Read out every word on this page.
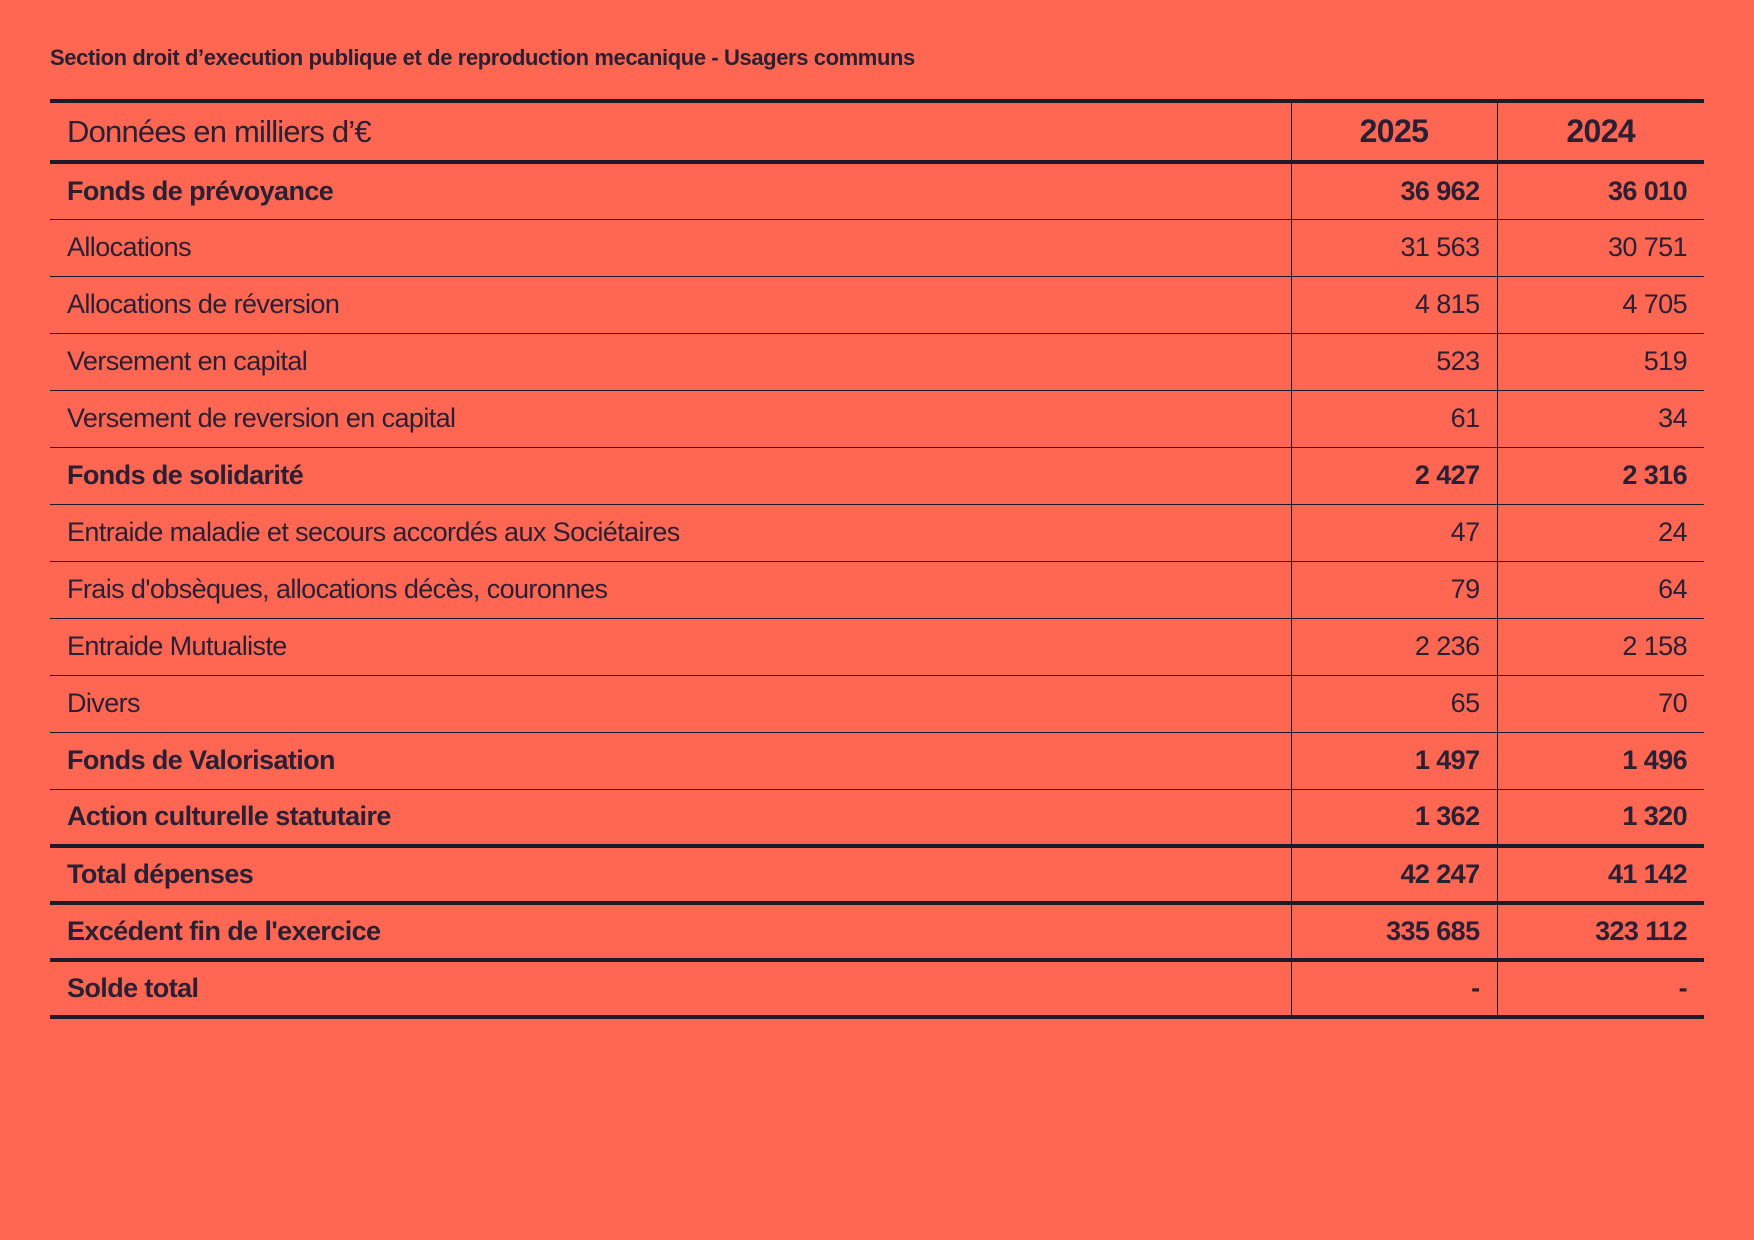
Section droit d’execution publique et de reproduction mecanique - Usagers communs
Données en milliers d’€	2025	2024
Fonds de prévoyance	36 962	36 010
Allocations	31 563	30 751
Allocations de réversion	4 815	4 705
Versement en capital	523	519
Versement de reversion en capital	61	34
Fonds de solidarité	2 427	2 316
Entraide maladie et secours accordés aux Sociétaires	47	24
Frais d'obsèques, allocations décès, couronnes	79	64
Entraide Mutualiste	2 236	2 158
Divers	65	70
Fonds de Valorisation	1 497	1 496
Action culturelle statutaire	1 362	1 320
Total dépenses	42 247	41 142
Excédent fin de l'exercice	335 685	323 112
Solde total	-	-
